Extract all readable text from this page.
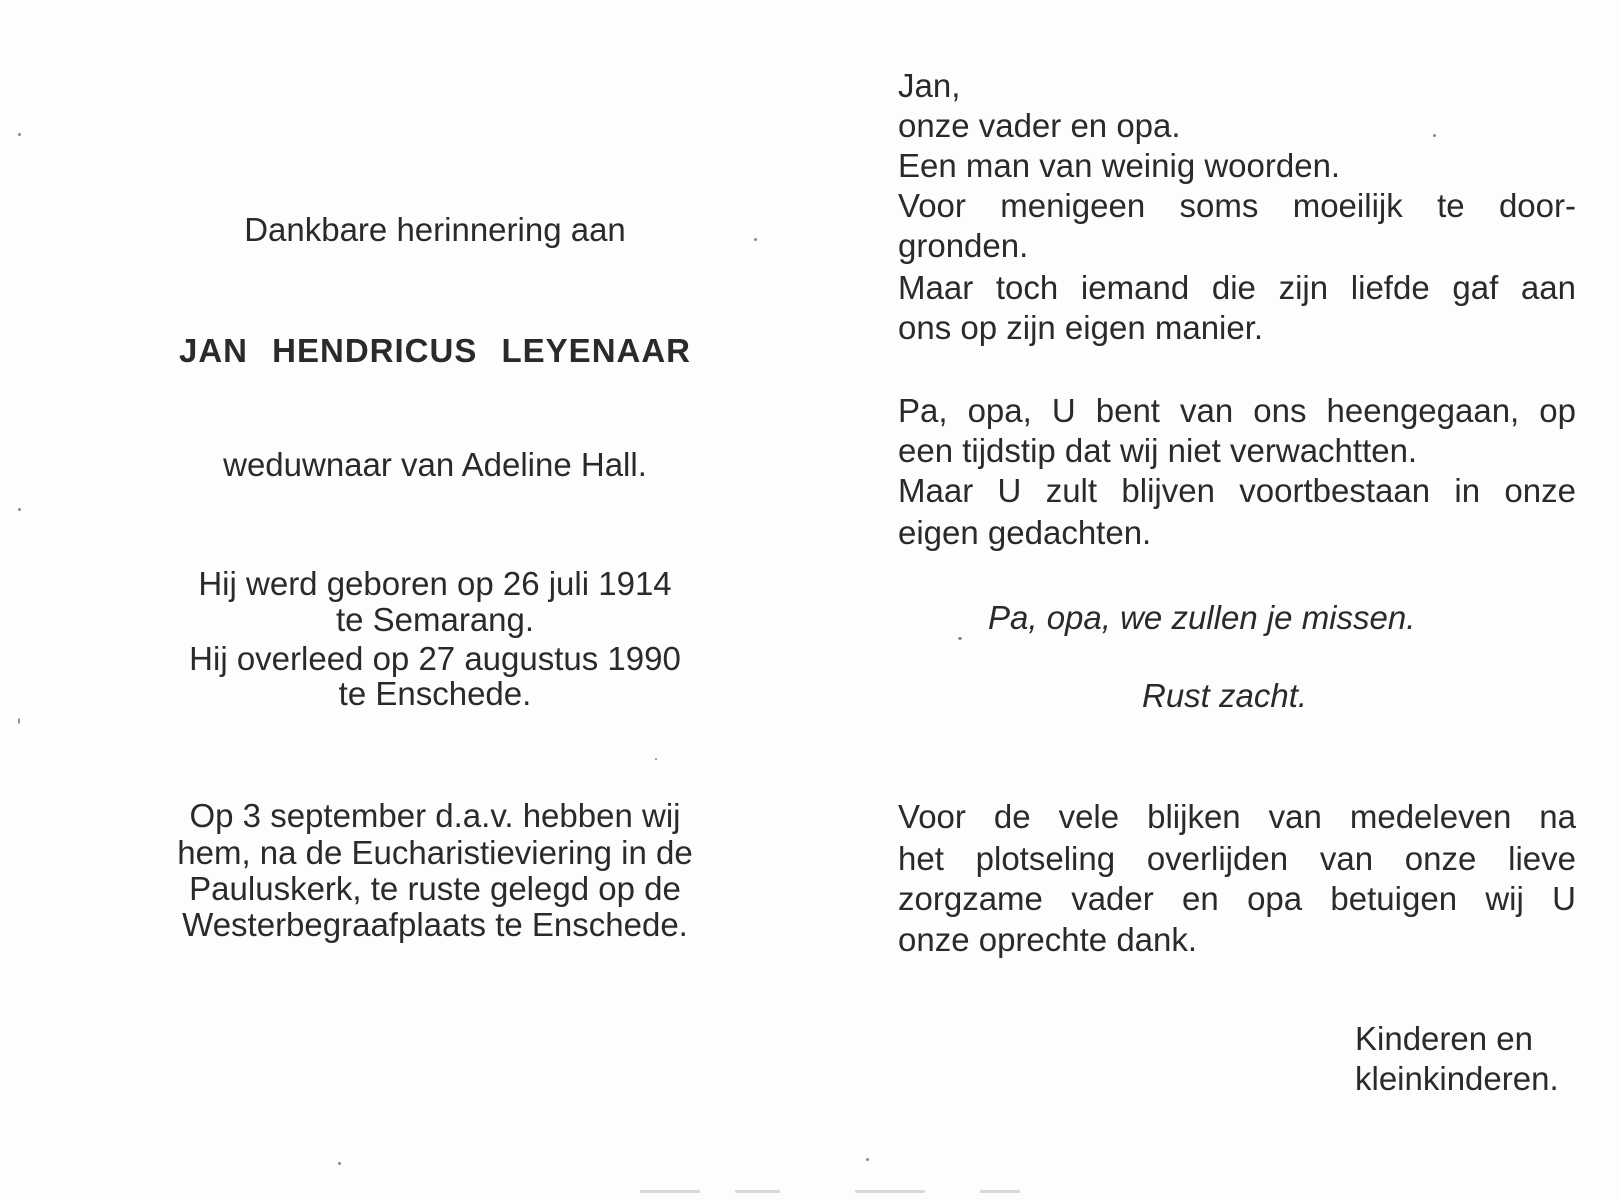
Dankbare herinnering aan
JAN HENDRICUS LEYENAAR
weduwnaar van Adeline Hall.
Hij werd geboren op 26 juli 1914
te Semarang.
Hij overleed op 27 augustus 1990
te Enschede.
Op 3 september d.a.v. hebben wij
hem, na de Eucharistieviering in de
Pauluskerk, te ruste gelegd op de
Westerbegraafplaats te Enschede.
Jan,
onze vader en opa.
Een man van weinig woorden.
Voor menigeen soms moeilijk te door-
gronden.
Maar toch iemand die zijn liefde gaf aan
ons op zijn eigen manier.
Pa, opa, U bent van ons heengegaan, op
een tijdstip dat wij niet verwachtten.
Maar U zult blijven voortbestaan in onze
eigen gedachten.
Pa, opa, we zullen je missen.
Rust zacht.
Voor de vele blijken van medeleven na
het plotseling overlijden van onze lieve
zorgzame vader en opa betuigen wij U
onze oprechte dank.
Kinderen en
kleinkinderen.
